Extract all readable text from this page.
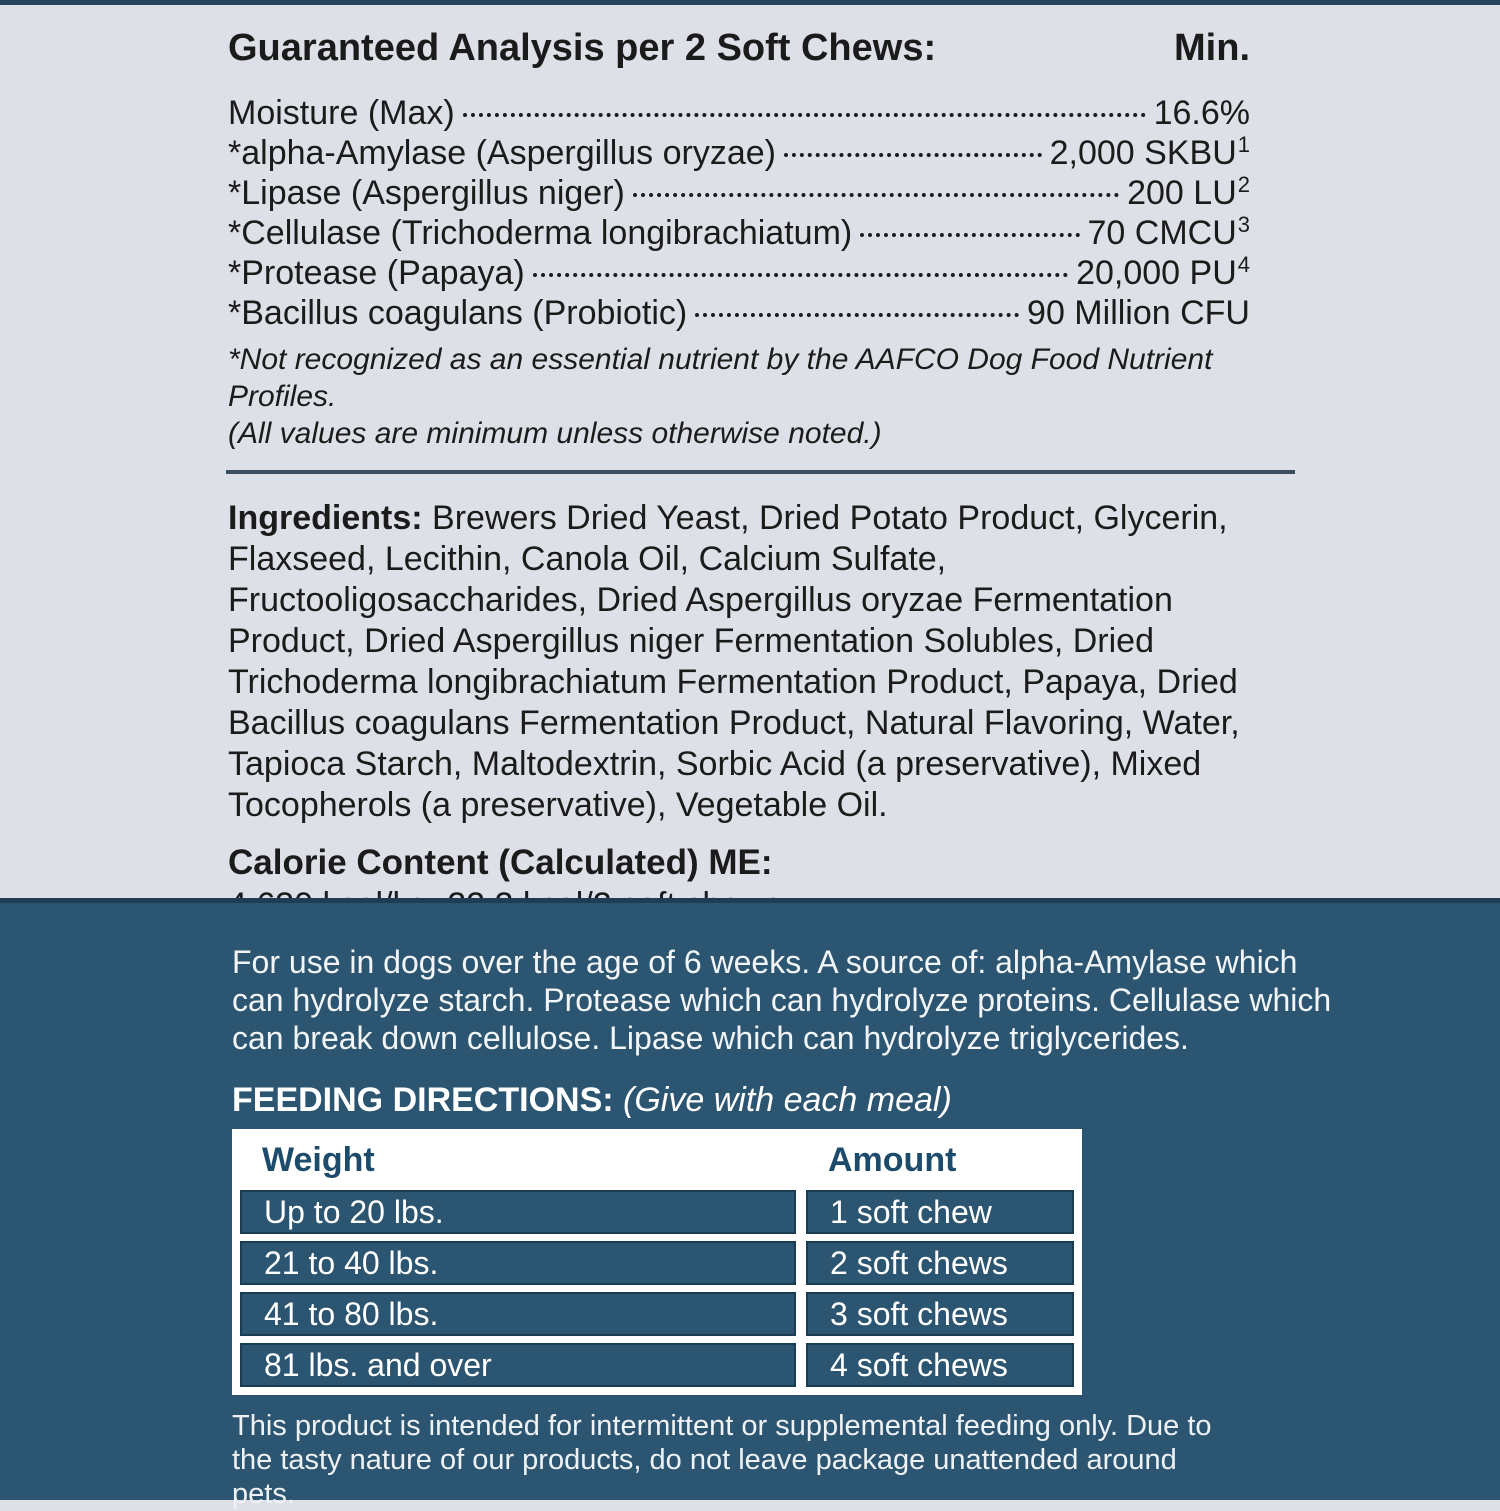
Guaranteed Analysis per 2 Soft Chews:	Min.
Moisture (Max)	16.6%
*alpha-Amylase (Aspergillus oryzae)	2,000 SKBU 1
*Lipase (Aspergillus niger)	200 LU 2
*Cellulase (Trichoderma longibrachiatum)	70 CMCU 3
*Protease (Papaya)	20,000 PU 4
*Bacillus coagulans (Probiotic)	90 Million CFU
*Not recognized as an essential nutrient by the AAFCO Dog Food Nutrient Profiles.
(All values are minimum unless otherwise noted.)
Ingredients: Brewers Dried Yeast, Dried Potato Product, Glycerin, Flaxseed, Lecithin, Canola Oil, Calcium Sulfate, Fructooligosaccharides, Dried Aspergillus oryzae Fermentation Product, Dried Aspergillus niger Fermentation Solubles, Dried Trichoderma longibrachiatum Fermentation Product, Papaya, Dried Bacillus coagulans Fermentation Product, Natural Flavoring, Water, Tapioca Starch, Maltodextrin, Sorbic Acid (a preservative), Mixed Tocopherols (a preservative), Vegetable Oil.
Calorie Content (Calculated) ME:
For use in dogs over the age of 6 weeks. A source of: alpha-Amylase which can hydrolyze starch. Protease which can hydrolyze proteins. Cellulase which can break down cellulose. Lipase which can hydrolyze triglycerides.
FEEDING DIRECTIONS: (Give with each meal)
Weight	Amount
Up to 20 lbs.	1 soft chew
21 to 40 lbs.	2 soft chews
41 to 80 lbs.	3 soft chews
81 lbs. and over	4 soft chews
This product is intended for intermittent or supplemental feeding only. Due to the tasty nature of our products, do not leave package unattended around pets.
